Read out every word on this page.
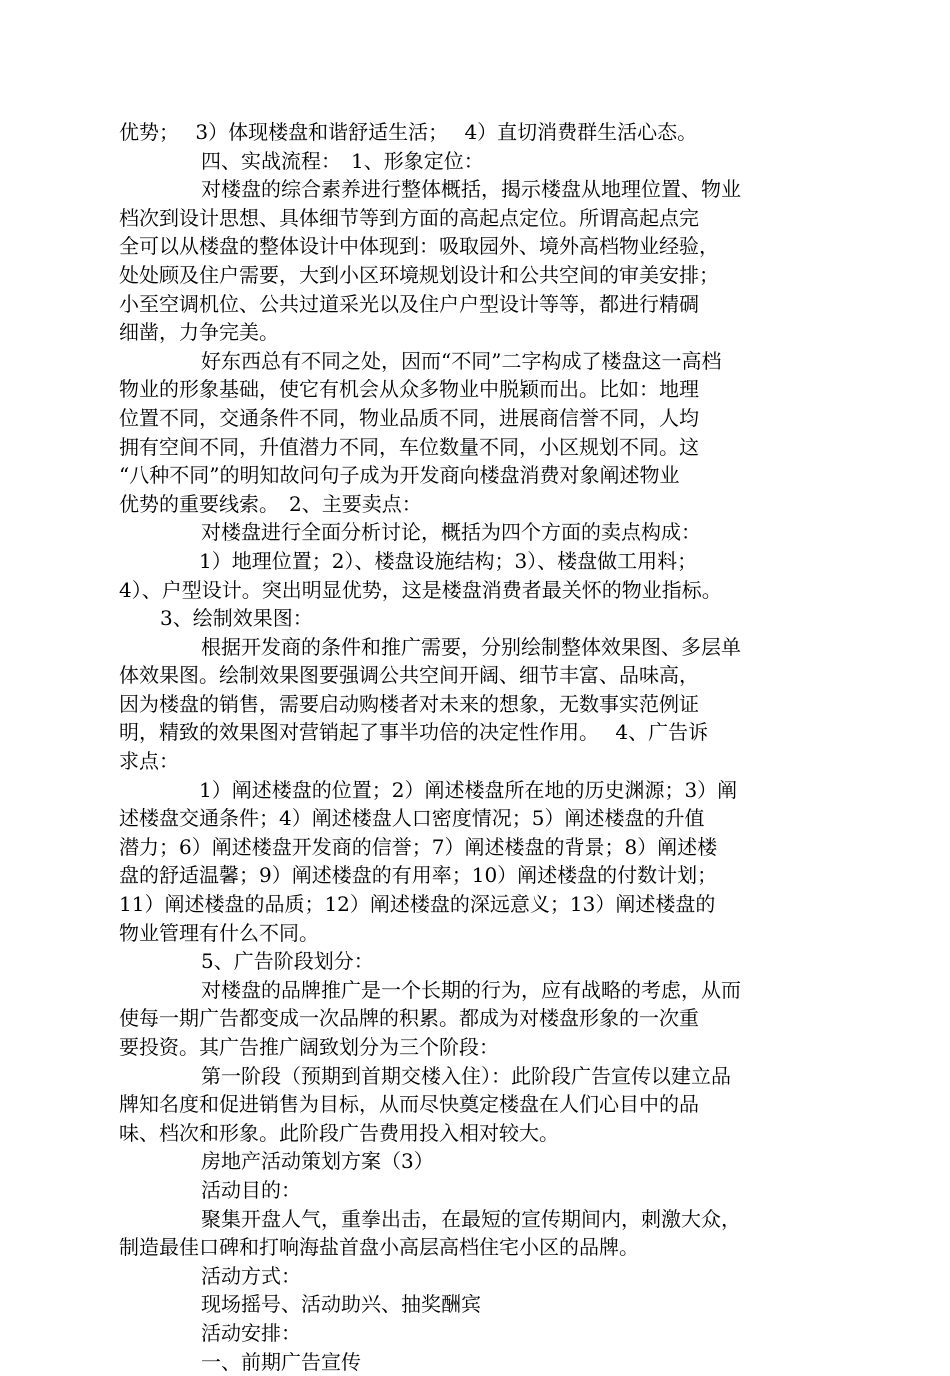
优势；　 3）体现楼盘和谐舒适生活；　 4）直切消费群生活心态。
四、实战流程：　1、形象定位：
对楼盘的综合素养进行整体概括，揭示楼盘从地理位置、物业
档次到设计思想、具体细节等到方面的高起点定位。所谓高起点完
全可以从楼盘的整体设计中体现到：吸取园外、境外高档物业经验，
处处顾及住户需要，大到小区环境规划设计和公共空间的审美安排；
小至空调机位、公共过道采光以及住户户型设计等等，都进行精碉
细凿，力争完美。
好东西总有不同之处，因而“不同”二字构成了楼盘这一高档
物业的形象基础，使它有机会从众多物业中脱颖而出。比如：地理
位置不同，交通条件不同，物业品质不同，进展商信誉不同，人均
拥有空间不同，升值潜力不同，车位数量不同，小区规划不同。这
“八种不同”的明知故问句子成为开发商向楼盘消费对象阐述物业
优势的重要线索。　2、主要卖点：
对楼盘进行全面分析讨论，概括为四个方面的卖点构成：
1）地理位置；2）、楼盘设施结构；3）、楼盘做工用料；
4）、户型设计。突出明显优势，这是楼盘消费者最关怀的物业指标。
3、绘制效果图：
根据开发商的条件和推广需要，分别绘制整体效果图、多层单
体效果图。绘制效果图要强调公共空间开阔、细节丰富、品味高，
因为楼盘的销售，需要启动购楼者对未来的想象，无数事实范例证
明，精致的效果图对营销起了事半功倍的决定性作用。　 4、广告诉
求点：
1）阐述楼盘的位置；2）阐述楼盘所在地的历史渊源；3）阐
述楼盘交通条件；4）阐述楼盘人口密度情况；5）阐述楼盘的升值
潜力；6）阐述楼盘开发商的信誉；7）阐述楼盘的背景；8）阐述楼
盘的舒适温馨；9）阐述楼盘的有用率；10）阐述楼盘的付数计划；
11）阐述楼盘的品质；12）阐述楼盘的深远意义；13）阐述楼盘的
物业管理有什么不同。
5、广告阶段划分：
对楼盘的品牌推广是一个长期的行为，应有战略的考虑，从而
使每一期广告都变成一次品牌的积累。都成为对楼盘形象的一次重
要投资。其广告推广阔致划分为三个阶段：
第一阶段（预期到首期交楼入住）：此阶段广告宣传以建立品
牌知名度和促进销售为目标，从而尽快奠定楼盘在人们心目中的品
味、档次和形象。此阶段广告费用投入相对较大。
房地产活动策划方案（3）
活动目的：
聚集开盘人气，重拳出击，在最短的宣传期间内，刺激大众，
制造最佳口碑和打响海盐首盘小高层高档住宅小区的品牌。
活动方式：
现场摇号、活动助兴、抽奖酬宾
活动安排：
一、前期广告宣传
